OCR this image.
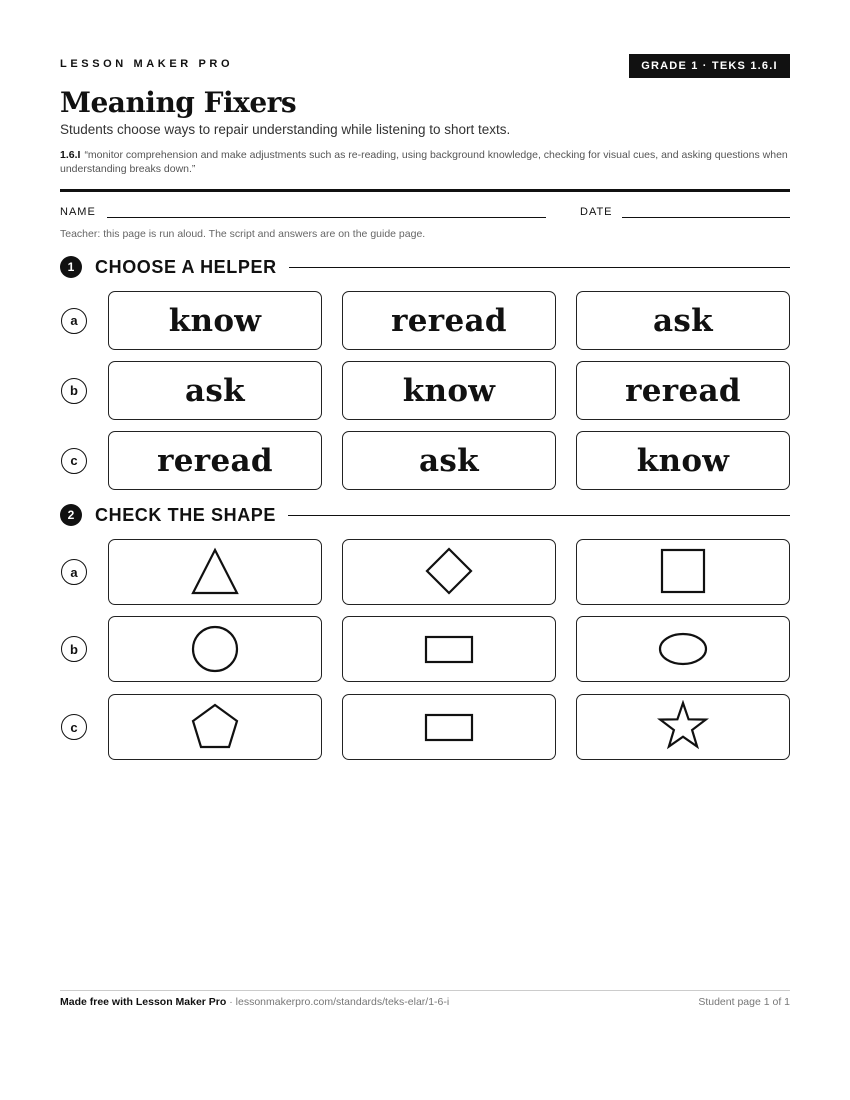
LESSON MAKER PRO	GRADE 1 · TEKS 1.6.I
Meaning Fixers
Students choose ways to repair understanding while listening to short texts.
1.6.I “monitor comprehension and make adjustments such as re-reading, using background knowledge, checking for visual cues, and asking questions when understanding breaks down.”
NAME	DATE
Teacher: this page is run aloud. The script and answers are on the guide page.
1	CHOOSE A HELPER
a	know	reread	ask
b	ask	know	reread
c	reread	ask	know
2	CHECK THE SHAPE
a
b
c
Made free with Lesson Maker Pro · lessonmakerpro.com/standards/teks-elar/1-6-i	Student page 1 of 1
